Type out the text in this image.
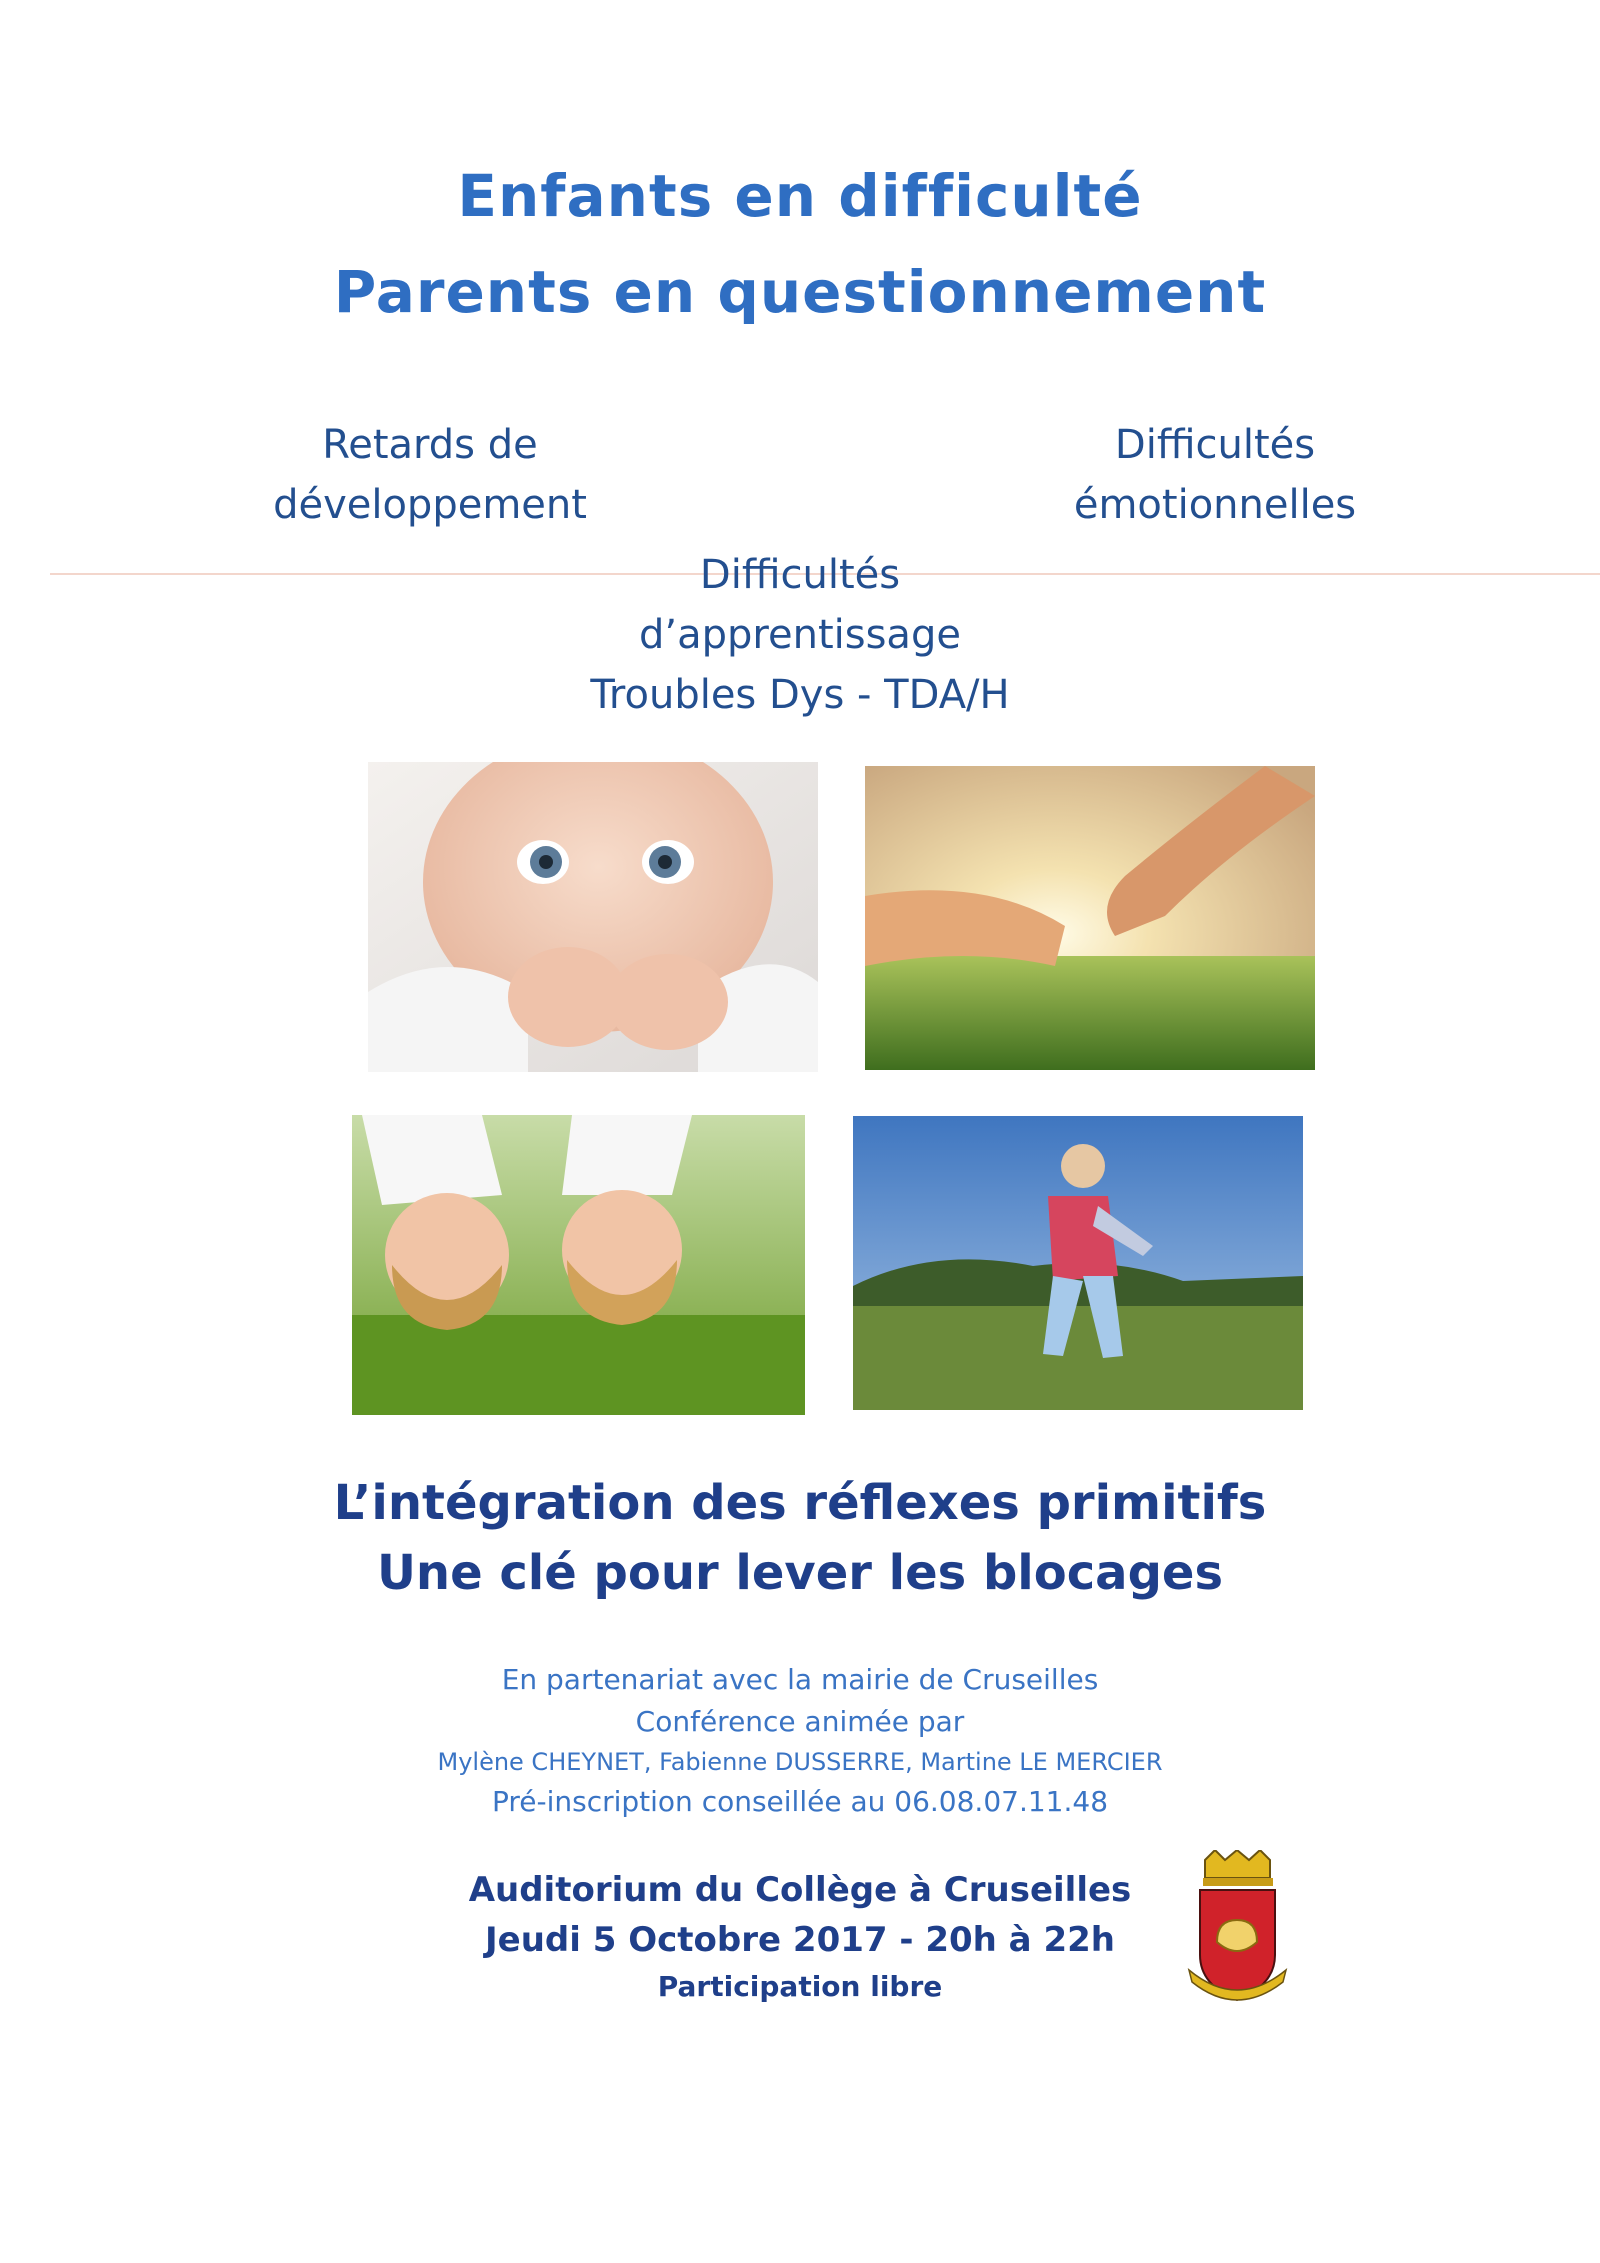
Enfants en difficulté
Parents en questionnement
Retards de
développement
Difficultés
émotionnelles
Difficultés
d’apprentissage
Troubles Dys - TDA/H
L’intégration des réflexes primitifs
Une clé pour lever les blocages
En partenariat avec la mairie de Cruseilles
Conférence animée par
Mylène CHEYNET, Fabienne DUSSERRE, Martine LE MERCIER
Pré-inscription conseillée au 06.08.07.11.48
Auditorium du Collège à Cruseilles
Jeudi 5 Octobre 2017 - 20h à 22h
Participation libre
